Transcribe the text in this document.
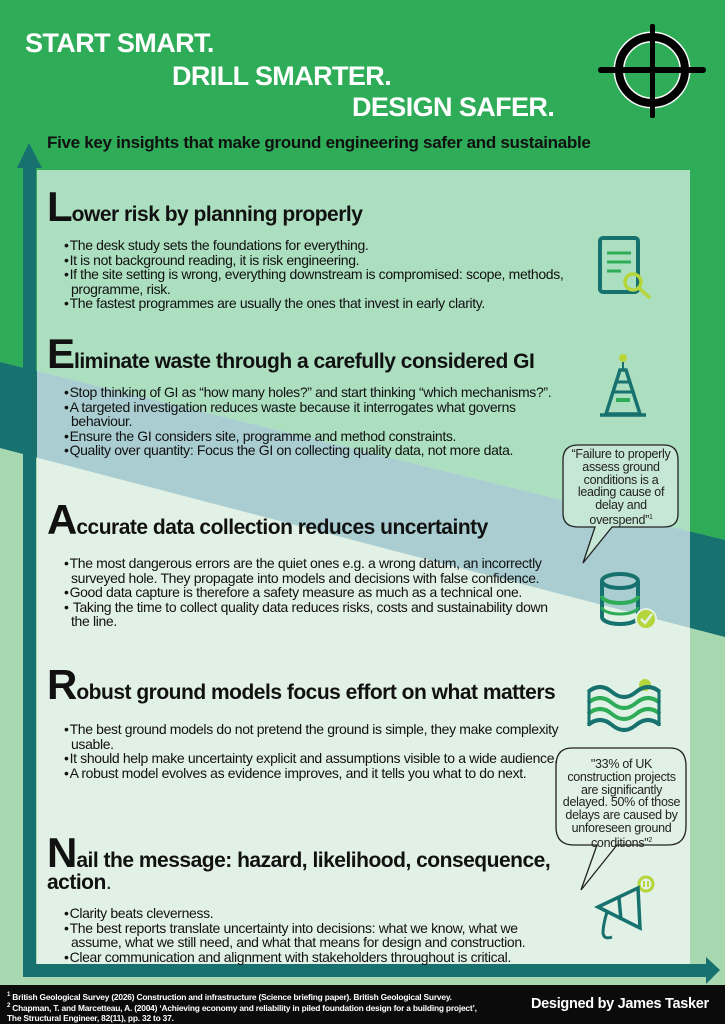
START SMART.
DRILL SMARTER.
DESIGN SAFER.
Five key insights that make ground engineering safer and sustainable
Lower risk by planning properly
• The desk study sets the foundations for everything.
• It is not background reading, it is risk engineering.
• If the site setting is wrong, everything downstream is compromised: scope, methods, programme, risk.
• The fastest programmes are usually the ones that invest in early clarity.
Eliminate waste through a carefully considered GI
• Stop thinking of GI as “how many holes?” and start thinking “which mechanisms?”.
• A targeted investigation reduces waste because it interrogates what governs behaviour.
• Ensure the GI considers site, programme and method constraints.
• Quality over quantity: Focus the GI on collecting quality data, not more data.
Accurate data collection reduces uncertainty
• The most dangerous errors are the quiet ones e.g. a wrong datum, an incorrectly surveyed hole. They propagate into models and decisions with false confidence.
• Good data capture is therefore a safety measure as much as a technical one.
• Taking the time to collect quality data reduces risks, costs and sustainability down the line.
Robust ground models focus effort on what matters
• The best ground models do not pretend the ground is simple, they make complexity usable.
• It should help make uncertainty explicit and assumptions visible to a wide audience.
• A robust model evolves as evidence improves, and it tells you what to do next.
Nail the message: hazard, likelihood, consequence,
action.
• Clarity beats cleverness.
• The best reports translate uncertainty into decisions: what we know, what we assume, what we still need, and what that means for design and construction.
• Clear communication and alignment with stakeholders throughout is critical.
“Failure to properly assess ground conditions is a leading cause of delay and overspend”$^1$
"33% of UK construction projects are significantly delayed. 50% of those delays are caused by unforeseen ground conditions"$^2$
$^1$ British Geological Survey (2026) Construction and infrastructure (Science briefing paper). British Geological Survey.
$^2$ Chapman, T. and Marcetteau, A. (2004) ‘Achieving economy and reliability in piled foundation design for a building project’,
The Structural Engineer, 82(11), pp. 32 to 37.
Designed by James Tasker
